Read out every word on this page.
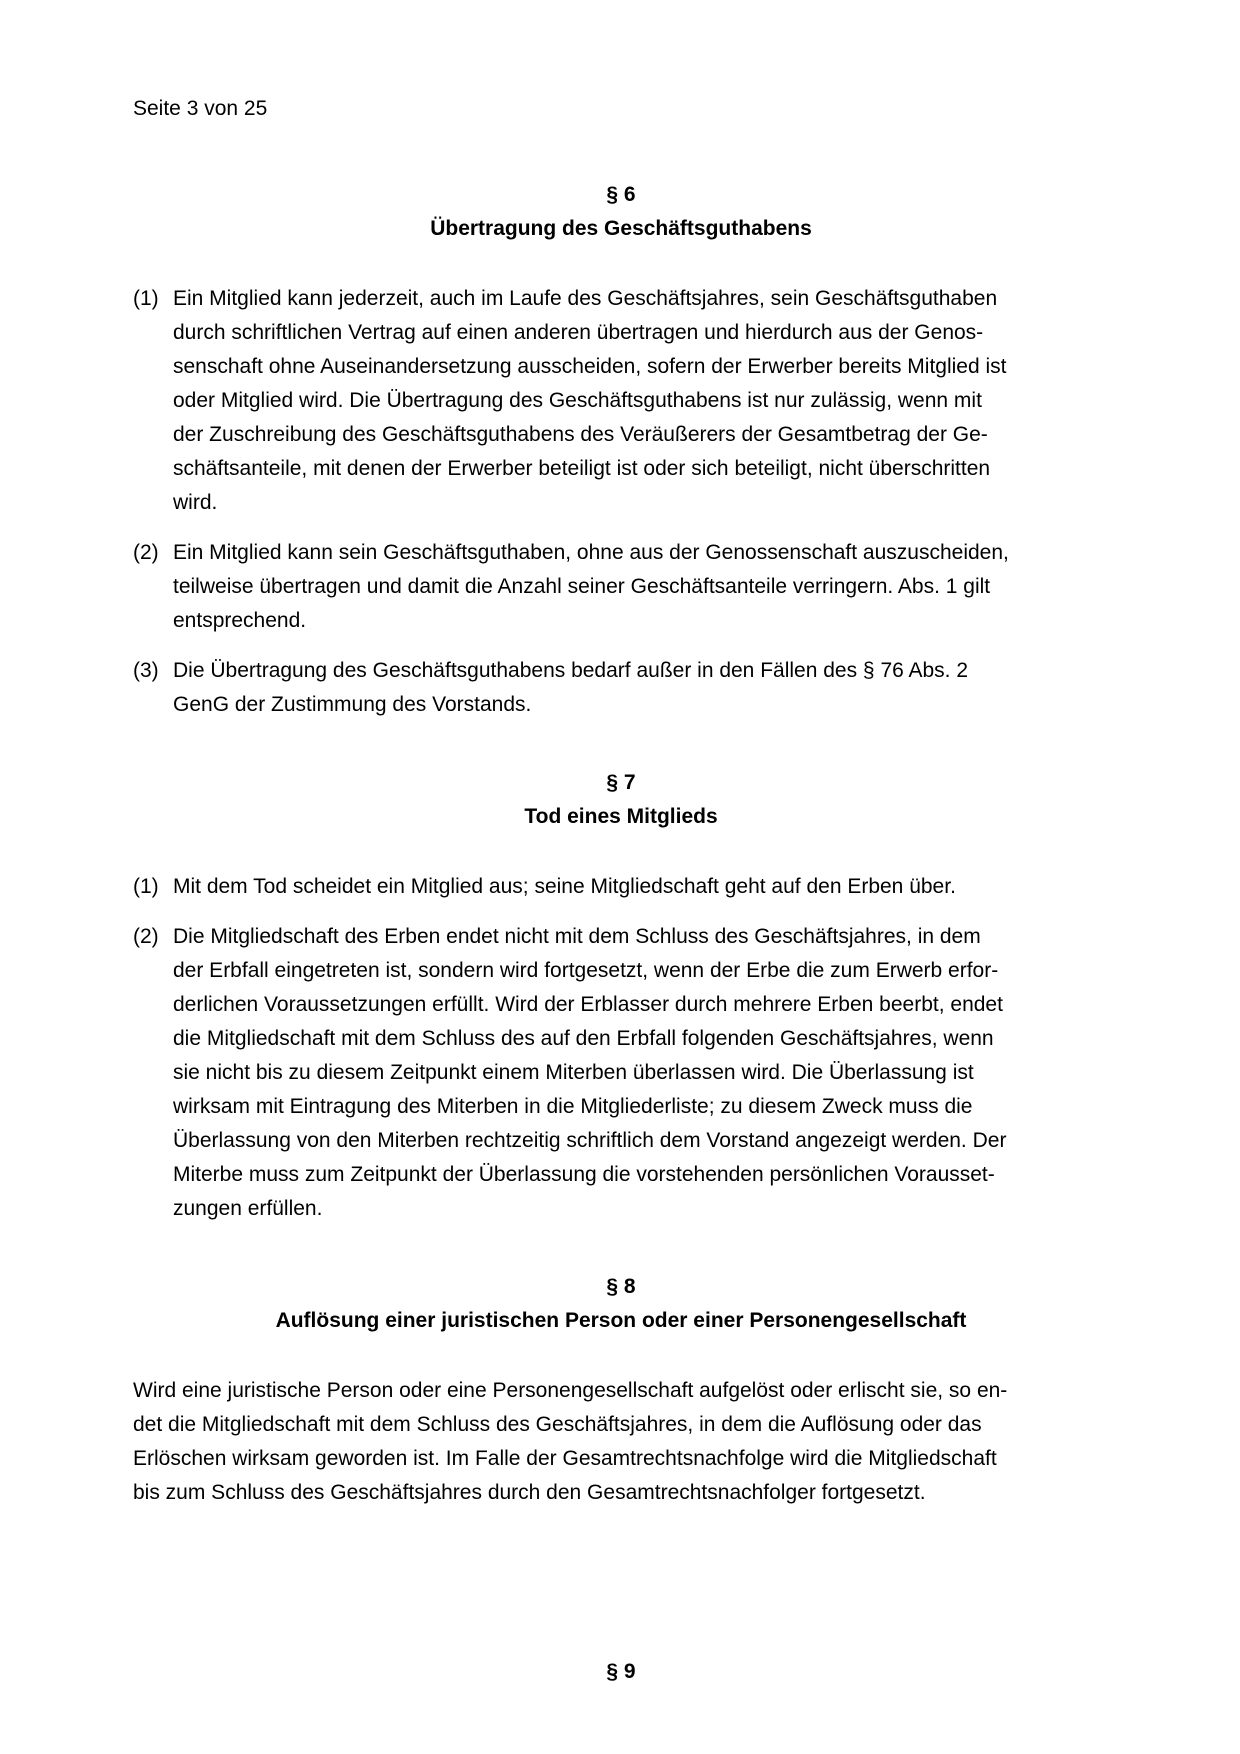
Seite 3 von 25
§ 6
Übertragung des Geschäftsguthabens
(1) Ein Mitglied kann jederzeit, auch im Laufe des Geschäftsjahres, sein Geschäftsguthaben
durch schriftlichen Vertrag auf einen anderen übertragen und hierdurch aus der Genos-
senschaft ohne Auseinandersetzung ausscheiden, sofern der Erwerber bereits Mitglied ist
oder Mitglied wird. Die Übertragung des Geschäftsguthabens ist nur zulässig, wenn mit
der Zuschreibung des Geschäftsguthabens des Veräußerers der Gesamtbetrag der Ge-
schäftsanteile, mit denen der Erwerber beteiligt ist oder sich beteiligt, nicht überschritten
wird.
(2) Ein Mitglied kann sein Geschäftsguthaben, ohne aus der Genossenschaft auszuscheiden,
teilweise übertragen und damit die Anzahl seiner Geschäftsanteile verringern. Abs. 1 gilt
entsprechend.
(3) Die Übertragung des Geschäftsguthabens bedarf außer in den Fällen des § 76 Abs. 2
GenG der Zustimmung des Vorstands.
§ 7
Tod eines Mitglieds
(1) Mit dem Tod scheidet ein Mitglied aus; seine Mitgliedschaft geht auf den Erben über.
(2) Die Mitgliedschaft des Erben endet nicht mit dem Schluss des Geschäftsjahres, in dem
der Erbfall eingetreten ist, sondern wird fortgesetzt, wenn der Erbe die zum Erwerb erfor-
derlichen Voraussetzungen erfüllt. Wird der Erblasser durch mehrere Erben beerbt, endet
die Mitgliedschaft mit dem Schluss des auf den Erbfall folgenden Geschäftsjahres, wenn
sie nicht bis zu diesem Zeitpunkt einem Miterben überlassen wird. Die Überlassung ist
wirksam mit Eintragung des Miterben in die Mitgliederliste; zu diesem Zweck muss die
Überlassung von den Miterben rechtzeitig schriftlich dem Vorstand angezeigt werden. Der
Miterbe muss zum Zeitpunkt der Überlassung die vorstehenden persönlichen Vorausset-
zungen erfüllen.
§ 8
Auflösung einer juristischen Person oder einer Personengesellschaft
Wird eine juristische Person oder eine Personengesellschaft aufgelöst oder erlischt sie, so en-
det die Mitgliedschaft mit dem Schluss des Geschäftsjahres, in dem die Auflösung oder das
Erlöschen wirksam geworden ist. Im Falle der Gesamtrechtsnachfolge wird die Mitgliedschaft
bis zum Schluss des Geschäftsjahres durch den Gesamtrechtsnachfolger fortgesetzt.
§ 9
